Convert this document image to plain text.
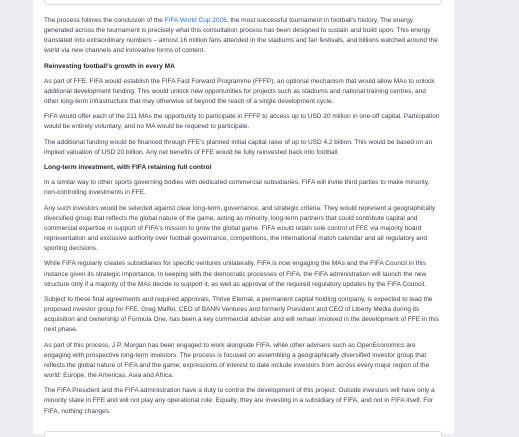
The process follows the conclusion of the FIFA World Cup 2026, the most successful tournament in football's history. The energy generated across the tournament is precisely what this consultation process has been designed to sustain and build upon. This energy translated into extraordinary numbers – almost 16 million fans attended in the stadiums and fan festivals, and billions watched around the world via new channels and innovative forms of content.

Reinvesting football's growth in every MA

As part of FFE, FIFA would establish the FIFA Fast Forward Programme (FFFP), an optional mechanism that would allow MAs to unlock additional development funding. This would unlock new opportunities for projects such as stadiums and national training centres, and other long-term infrastructure that may otherwise sit beyond the reach of a single development cycle.

FIFA would offer each of the 211 MAs the opportunity to participate in FFFP to access up to USD 20 million in one-off capital. Participation would be entirely voluntary, and no MA would be required to participate.

The additional funding would be financed through FFE's planned initial capital raise of up to USD 4.2 billion. This would be based on an implied valuation of USD 20 billion. Any net benefits of FFE would be fully reinvested back into football.

Long-term investment, with FIFA retaining full control

In a similar way to other sports governing bodies with dedicated commercial subsidiaries, FIFA will invite third parties to make minority, non-controlling investments in FFE.

Any such investors would be selected against clear long-term, governance, and strategic criteria. They would represent a geographically diversified group that reflects the global nature of the game, acting as minority, long-term partners that could contribute capital and commercial expertise in support of FIFA's mission to grow the global game. FIFA would retain sole control of FFE via majority board representation and exclusive authority over football governance, competitions, the international match calendar and all regulatory and sporting decisions.

While FIFA regularly creates subsidiaries for specific ventures unilaterally, FIFA is now engaging the MAs and the FIFA Council in this instance given its strategic importance. In keeping with the democratic processes of FIFA, the FIFA administration will launch the new structure only if a majority of the MAs decide to support it, as well as approval of the required regulatory updates by the FIFA Council.

Subject to these final agreements and required approvals, Thrive Eternal, a permanent capital holding company, is expected to lead the proposed investor group for FFE. Greg Maffei, CEO of BANN Ventures and formerly President and CEO of Liberty Media during its acquisition and ownership of Formula One, has been a key commercial adviser and will remain involved in the development of FFE in this next phase.

As part of this process, J.P. Morgan has been engaged to work alongside FIFA, while other advisers such as OpenEconomics are engaging with prospective long-term investors. The process is focused on assembling a geographically diversified investor group that reflects the global nature of FIFA and the game; expressions of interest to date include investors from across every major region of the world: Europe, the Americas, Asia and Africa.

The FIFA President and the FIFA administration have a duty to control the development of this project. Outside investors will have only a minority stake in FFE and will not play any operational role. Equally, they are investing in a subsidiary of FIFA, and not in FIFA itself. For FIFA, nothing changes.
